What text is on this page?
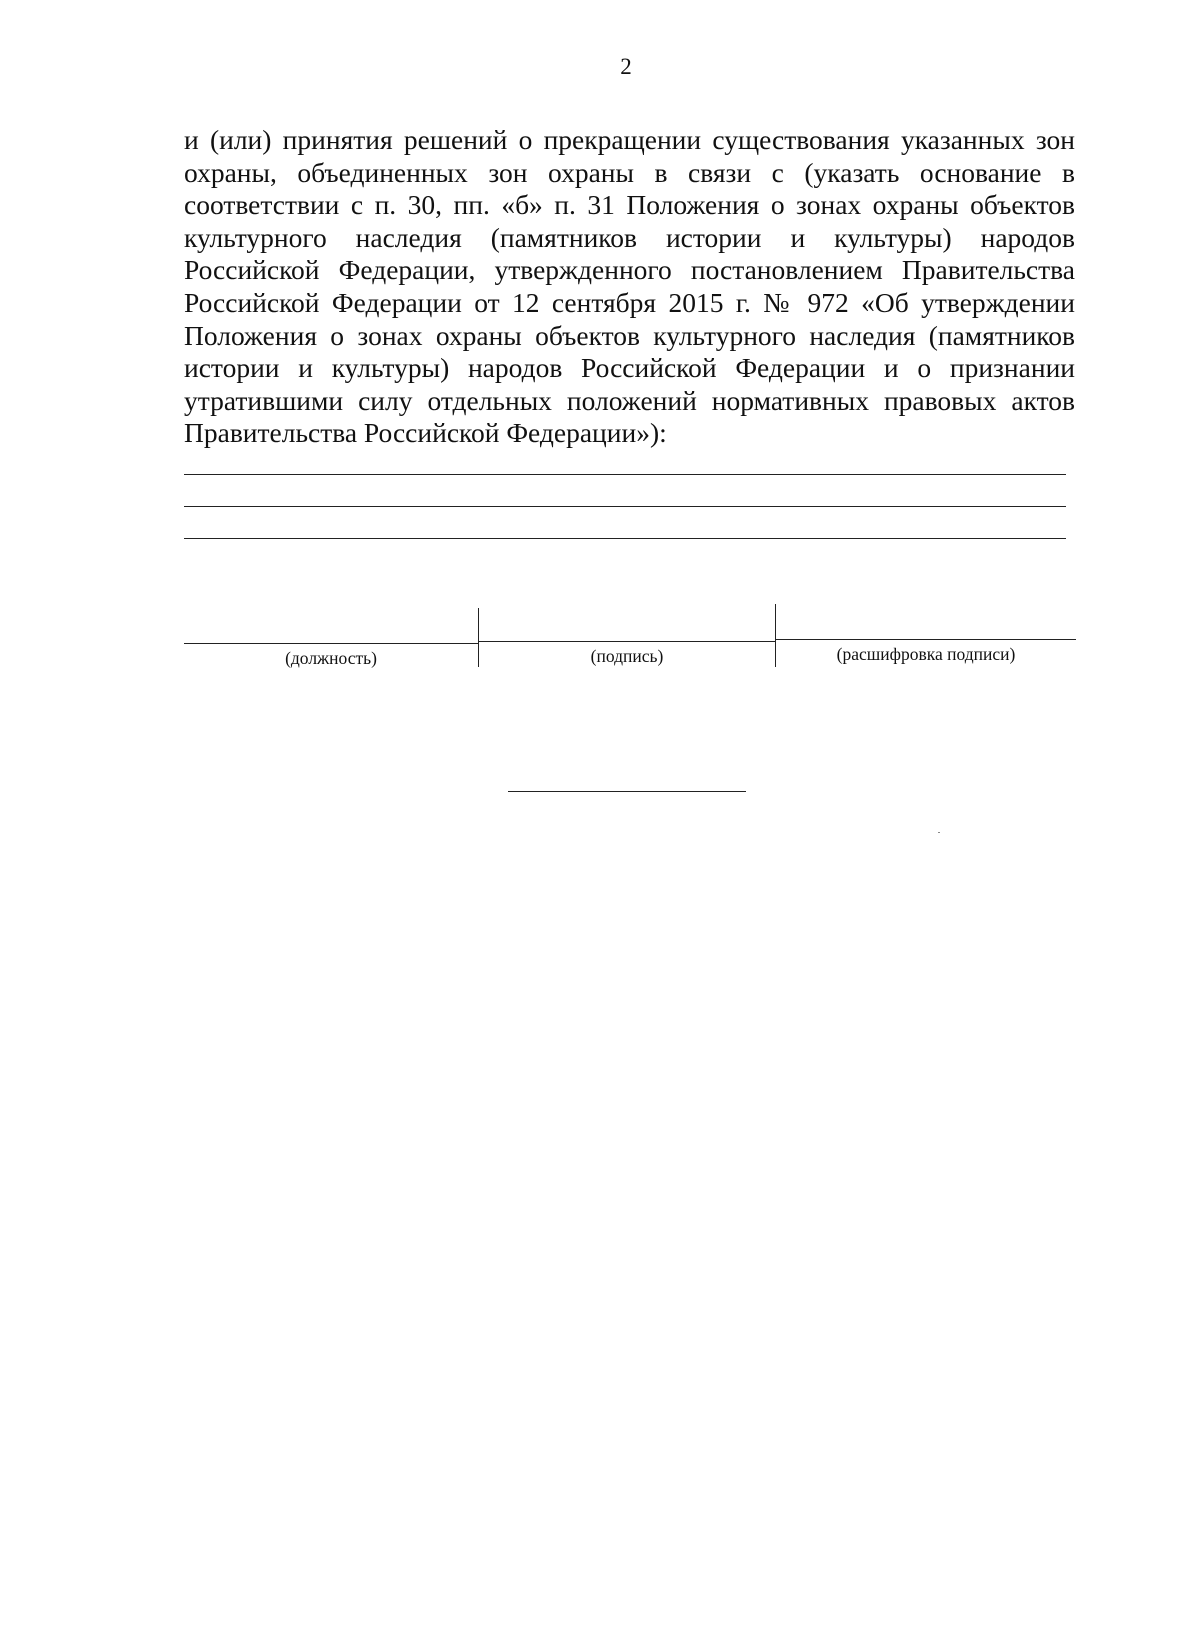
2

и (или) принятия решений о прекращении существования указанных зон охраны, объединенных зон охраны в связи с (указать основание в соответствии с п. 30, пп. «б» п. 31 Положения о зонах охраны объектов культурного наследия (памятников истории и культуры) народов Российской Федерации, утвержденного постановлением Правительства Российской Федерации от 12 сентября 2015 г. № 972 «Об утверждении Положения о зонах охраны объектов культурного наследия (памятников истории и культуры) народов Российской Федерации и о признании утратившими силу отдельных положений нормативных правовых актов Правительства Российской Федерации»):

(должность)	(подпись)	(расшифровка подписи)
